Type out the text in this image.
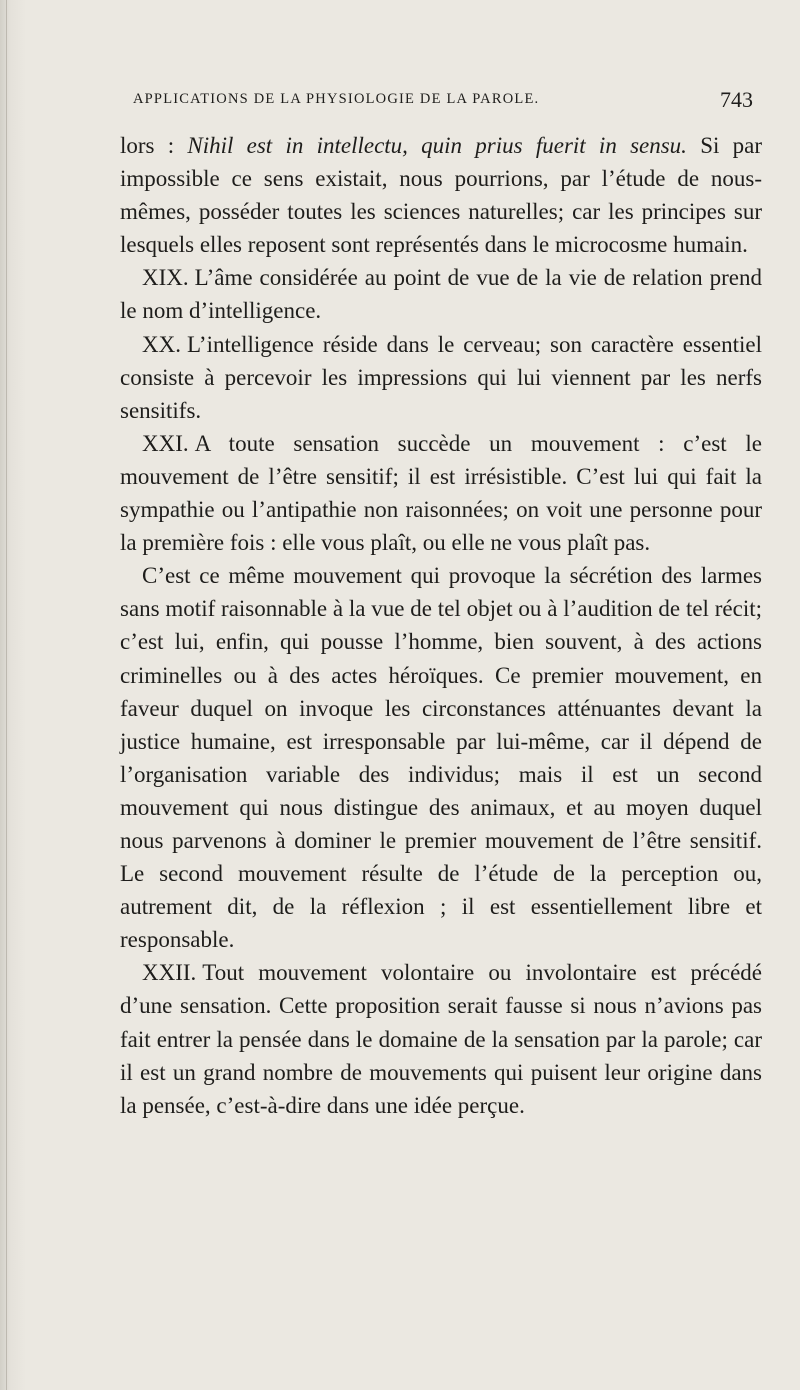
APPLICATIONS DE LA PHYSIOLOGIE DE LA PAROLE.	743

lors : Nihil est in intellectu, quin prius fuerit in sensu. Si par impossible ce sens existait, nous pourrions, par l’étude de nous-mêmes, posséder toutes les sciences naturelles; car les principes sur lesquels elles reposent sont représentés dans le microcosme humain.

XIX. L’âme considérée au point de vue de la vie de relation prend le nom d’intelligence.

XX. L’intelligence réside dans le cerveau; son caractère essentiel consiste à percevoir les impressions qui lui viennent par les nerfs sensitifs.

XXI. A toute sensation succède un mouvement : c’est le mouvement de l’être sensitif; il est irrésistible. C’est lui qui fait la sympathie ou l’antipathie non raisonnées; on voit une personne pour la première fois : elle vous plaît, ou elle ne vous plaît pas.

C’est ce même mouvement qui provoque la sécrétion des larmes sans motif raisonnable à la vue de tel objet ou à l’audition de tel récit; c’est lui, enfin, qui pousse l’homme, bien souvent, à des actions criminelles ou à des actes héroïques. Ce premier mouvement, en faveur duquel on invoque les circonstances atténuantes devant la justice humaine, est irresponsable par lui-même, car il dépend de l’organisation variable des individus; mais il est un second mouvement qui nous distingue des animaux, et au moyen duquel nous parvenons à dominer le premier mouvement de l’être sensitif. Le second mouvement résulte de l’étude de la perception ou, autrement dit, de la réflexion ; il est essentiellement libre et responsable.

XXII. Tout mouvement volontaire ou involontaire est précédé d’une sensation. Cette proposition serait fausse si nous n’avions pas fait entrer la pensée dans le domaine de la sensation par la parole; car il est un grand nombre de mouvements qui puisent leur origine dans la pensée, c’est-à-dire dans une idée perçue.
